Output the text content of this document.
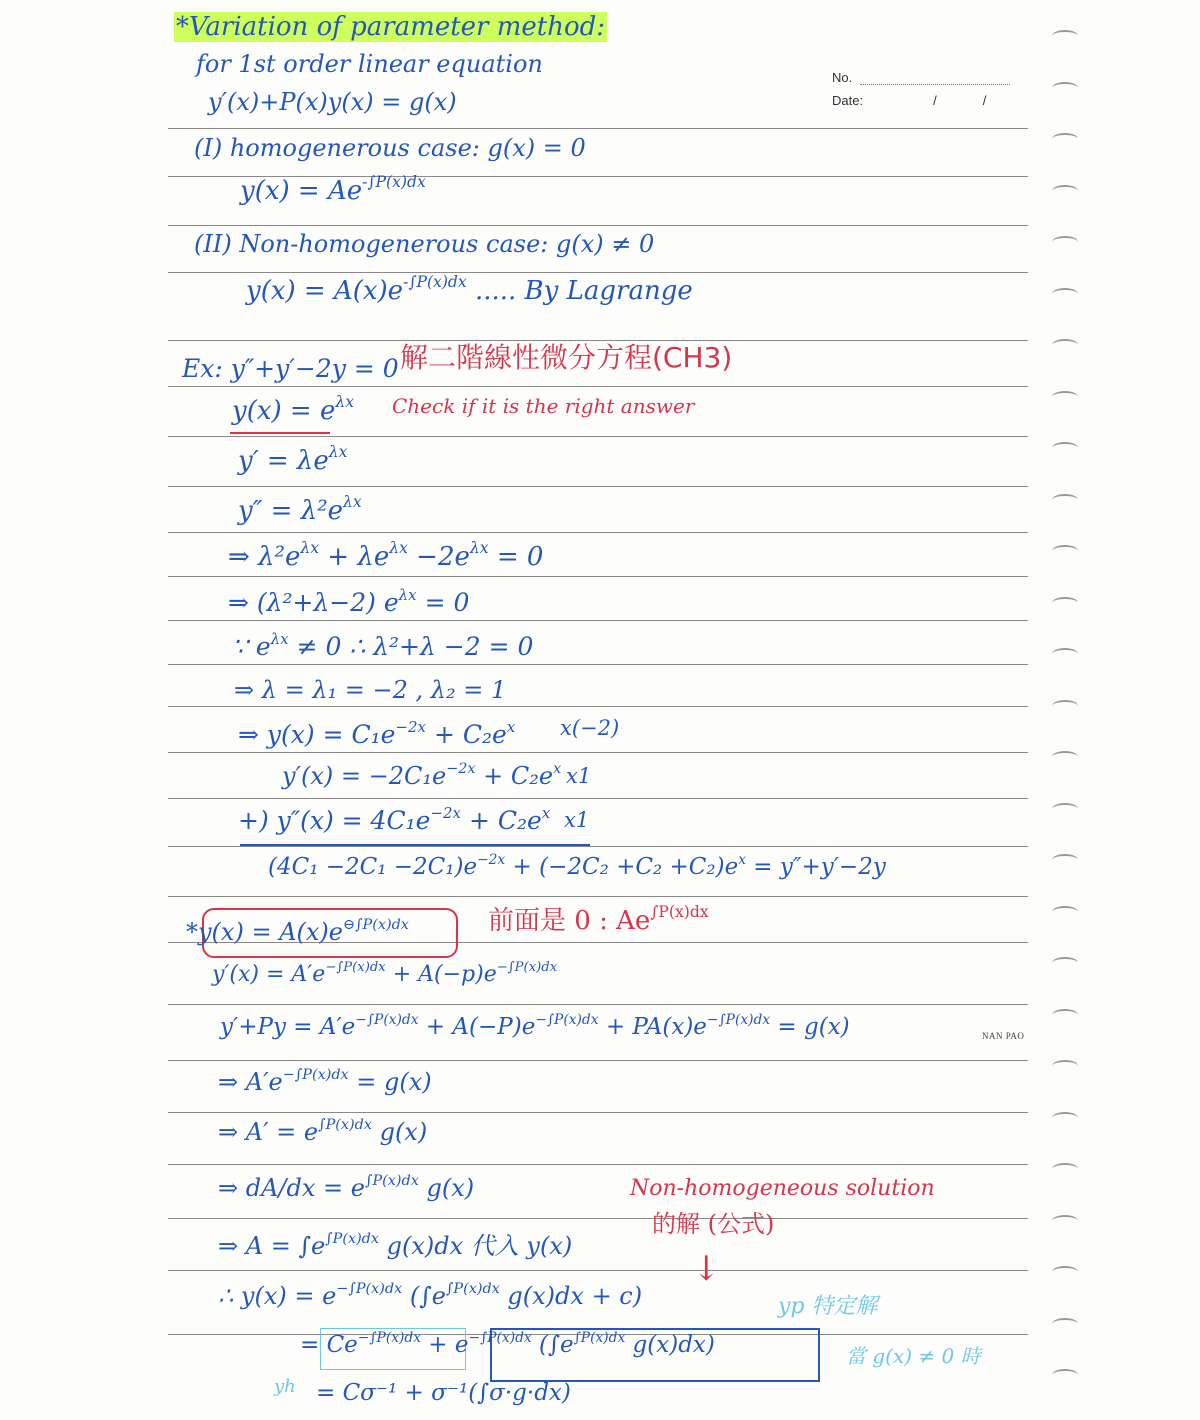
No.
Date:	/	/
*Variation of parameter method:
for 1st order linear equation
y′(x)+P(x)y(x) = g(x)
(I) homogenerous case: g(x) = 0
$y(x) = Ae^{-\int P(x)dx}$
(II) Non-homogenerous case: g(x) ≠ 0
$y(x) = A(x)e^{-\int P(x)dx}$ ..... By Lagrange
Ex: y″+y′−2y = 0 解二階線性微分方程(CH3)
$y(x) = e^{\lambda x}$ Check if it is the right answer
$y' = \lambda e^{\lambda x}$
$y'' = \lambda^2e^{\lambda x}$
⇒ $\lambda^2e^{\lambda x} + \lambda e^{\lambda x} -2e^{\lambda x} = 0$
⇒ (λ²+λ−2) $e^{\lambda x} = 0$
∵ $e^{\lambda x} \ne 0$ ∴ λ²+λ −2 = 0
⇒ λ = λ₁ = −2 , λ₂ = 1
⇒ $y(x) = C_1e^{-2x} + C_2e^x$ x(−2)
$y'(x) = -2C_1e^{-2x} + C_2e^x$ x1
+) $y''(x) = 4C_1e^{-2x} + C_2e^x$ x1
$(4C_1 -2C_1 -2C_1)e^{-2x} + (-2C_2 +C_2 +C_2)e^x = y''+y'-2y$
$*y(x) = A(x)e^{⊖\int P(x)dx}$	前面是 0 : $Ae^{\int P(x)dx}$
$y'(x) = A'e^{-\int P(x)dx} + A(-p)e^{-\int P(x)dx}$
$y'+Py = A'e^{-\int P(x)dx} + A(-P)e^{-\int P(x)dx} + PA(x)e^{-\int P(x)dx} = g(x)$
⇒ $A'e^{-\int P(x)dx} = g(x)$
⇒ $A' = e^{\int P(x)dx}$ g(x)
⇒ $dA/dx = e^{\int P(x)dx}$ g(x)	Non-homogeneous solution
的解 (公式)
↓
⇒ $A = \int e^{\int P(x)dx}$ g(x)dx 代入 y(x)
∴ $y(x) = e^{-\int P(x)dx}$ ($\int e^{\int P(x)dx}$ g(x)dx + c)	yp 特定解
= $Ce^{-\int P(x)dx} + e^{-\int P(x)dx}$ ($\int e^{\int P(x)dx}$ g(x)dx)	當 g(x) ≠ 0 時
yh = Cσ⁻¹ + σ⁻¹(∫σ·g·dx)
NAN PAO
